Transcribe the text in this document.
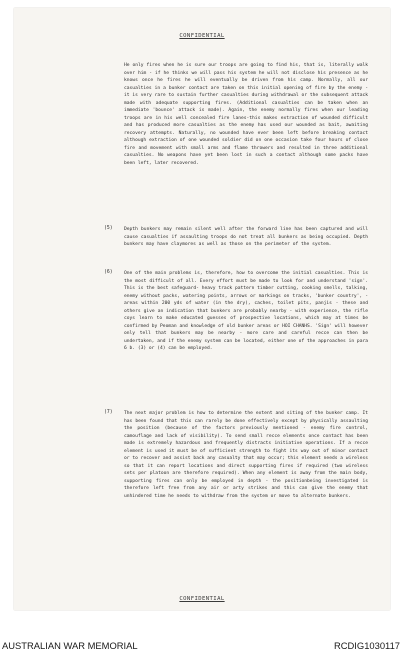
CONFIDENTIAL
He only fires when he is sure our troops are going to find his, that is, literally walk over him - if he thinks we will pass his system he will not disclose his presence as he knows once he fires he will eventually be driven from his camp. Normally, all our casualties in a bunker contact are taken on this initial opening of fire by the enemy - it is very rare to sustain further casualties during withdrawal or the subsequent attack made with adequate supporting fires. (Additional casualties can be taken when an immediate 'bounce' attack is made). Again, the enemy normally fires when our leading troops are in his well concealed fire lanes-this makes extraction of wounded difficult and has produced more casualties as the enemy has used our wounded as bait, awaiting recovery attempts. Naturally, no wounded have ever been left before breaking contact although extraction of one wounded soldier did on one occasion take four hours of close fire and movement with small arms and flame throwers and resulted in three additional casualties. No weapons have yet been lost in such a contact although some packs have been left, later recovered.
(5) Depth bunkers may remain silent well after the forward line has been captured and will cause casualties if assaulting troops do not treat all bunkers as being occupied. Depth bunkers may have claymores as well as those on the perimeter of the system.
(6) One of the main problems is, therefore, how to overcome the initial casualties. This is the most difficult of all. Every effort must be made to look for and understand 'sign'. This is the best safeguard- heavy track pattern timber cutting, cooking smells, talking, enemy without packs, watering points, arrows or markings on tracks, 'bunker country', - areas within 200 yds of water (in the dry), caches, toilet pits, panjis - these and others give an indication that bunkers are probably nearby - with experience, the rifle coys learn to make educated guesses of prospective locations, which may at times be confirmed by Peoman and knowledge of old bunker areas or HOI CHANHS. 'Sign' will however only tell that bunkers may be nearby - more care and careful recce can then be undertaken, and if the enemy system can be located, either one of the approaches in para 6 b. (3) or (4) can be employed.
(7) The next major problem is how to determine the extent and siting of the bunker camp. It has been found that this can rarely be done effectively except by physically assaulting the position (because of the factors previously mentioned - enemy fire control, camouflage and lack of visibility). To send small recce elements once contact has been made is extremely hazardous and frequently distracts initiative operations. If a recce element is used it must be of sufficient strength to fight its way out of minor contact or to recover and assist back any casualty that may occur; this element needs a wireless so that it can report locations and direct supporting fires if required (two wireless sets per platoon are therefore required). When any element is away from the main body, supporting fires can only be employed in depth - the positionbeing investigated is therefore left free from any air or arty strikes and this can give the enemy that unhindered time he needs to withdraw from the system or move to alternate bunkers.
CONFIDENTIAL
AUSTRALIAN WAR MEMORIAL	RCDIG1030117
